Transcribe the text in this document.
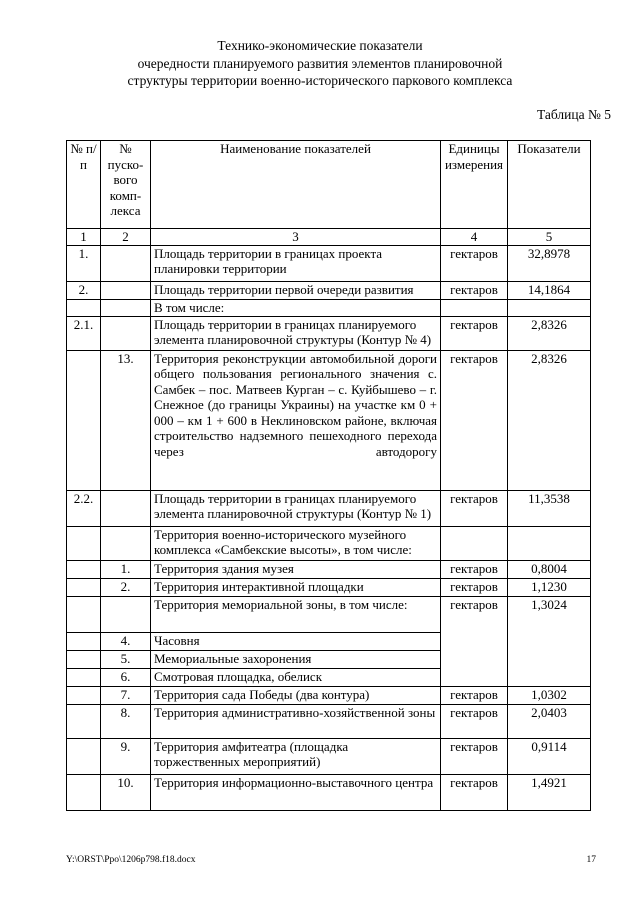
Технико-экономические показатели
очередности планируемого развития элементов планировочной
структуры территории военно-исторического паркового комплекса
Таблица № 5
№ п/п	№ пуско-вого комп-лекса	Наименование показателей	Единицы измерения	Показатели
1	2	3	4	5
1.		Площадь территории в границах проекта планировки территории	гектаров	32,8978
2.		Площадь территории первой очереди развития	гектаров	14,1864
		В том числе:		
2.1.		Площадь территории в границах планируемого элемента планировочной структуры (Контур № 4)	гектаров	2,8326
	13.	Территория реконструкции автомобильной дороги общего пользования регионального значения с. Самбек – пос. Матвеев Курган – с. Куйбышево – г. Снежное (до границы Украины) на участке км 0 + 000 – км 1 + 600 в Неклиновском районе, включая строительство надземного пешеходного перехода через автодорогу	гектаров	2,8326
2.2.		Площадь территории в границах планируемого элемента планировочной структуры (Контур № 1)	гектаров	11,3538
		Территория военно-исторического музейного комплекса «Самбекские высоты», в том числе:		
	1.	Территория здания музея	гектаров	0,8004
	2.	Территория интерактивной площадки	гектаров	1,1230
		Территория мемориальной зоны, в том числе:	гектаров	1,3024
	4.	Часовня		
	5.	Мемориальные захоронения		
	6.	Смотровая площадка, обелиск		
	7.	Территория сада Победы (два контура)	гектаров	1,0302
	8.	Территория административно-хозяйственной зоны	гектаров	2,0403
	9.	Территория амфитеатра (площадка торжественных мероприятий)	гектаров	0,9114
	10.	Территория информационно-выставочного центра	гектаров	1,4921
Y:\ORST\Ppo\1206p798.f18.docx	17
